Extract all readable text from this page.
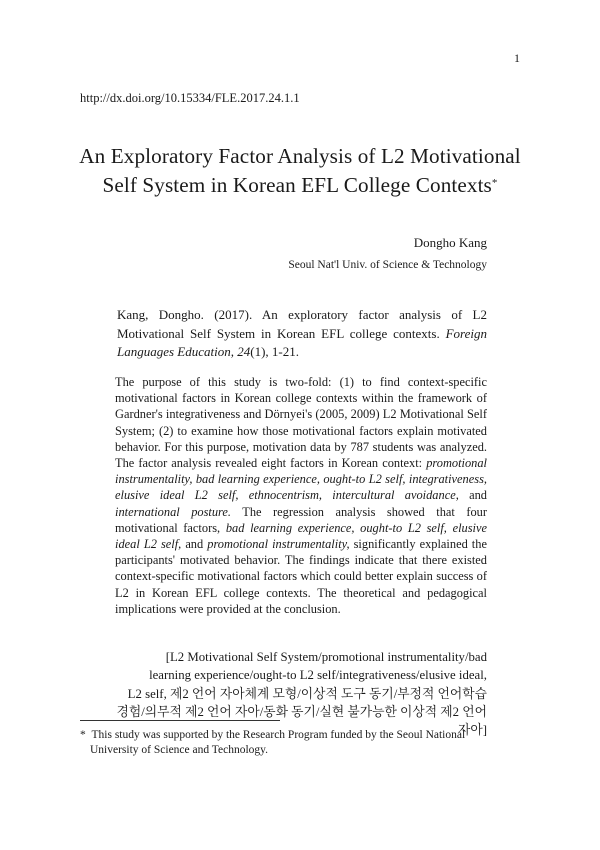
1
http://dx.doi.org/10.15334/FLE.2017.24.1.1
An Exploratory Factor Analysis of L2 Motivational
Self System in Korean EFL College Contexts*
Dongho Kang
Seoul Nat'l Univ. of Science & Technology
Kang, Dongho. (2017). An exploratory factor analysis of L2 Motivational Self System in Korean EFL college contexts. Foreign Languages Education, 24(1), 1-21.
The purpose of this study is two-fold: (1) to find context-specific motivational factors in Korean college contexts within the framework of Gardner's integrativeness and Dörnyei's (2005, 2009) L2 Motivational Self System; (2) to examine how those motivational factors explain motivated behavior. For this purpose, motivation data by 787 students was analyzed. The factor analysis revealed eight factors in Korean context: promotional instrumentality, bad learning experience, ought-to L2 self, integrativeness, elusive ideal L2 self, ethnocentrism, intercultural avoidance, and international posture. The regression analysis showed that four motivational factors, bad learning experience, ought-to L2 self, elusive ideal L2 self, and promotional instrumentality, significantly explained the participants' motivated behavior. The findings indicate that there existed context-specific motivational factors which could better explain success of L2 in Korean EFL college contexts. The theoretical and pedagogical implications were provided at the conclusion.
[L2 Motivational Self System/promotional instrumentality/bad
learning experience/ought-to L2 self/integrativeness/elusive ideal,
L2 self, 제2 언어 자아체계 모형/이상적 도구 동기/부정적 언어학습
경험/의무적 제2 언어 자아/동화 동기/실현 불가능한 이상적 제2 언어 자아]
* This study was supported by the Research Program funded by the Seoul National
University of Science and Technology.
